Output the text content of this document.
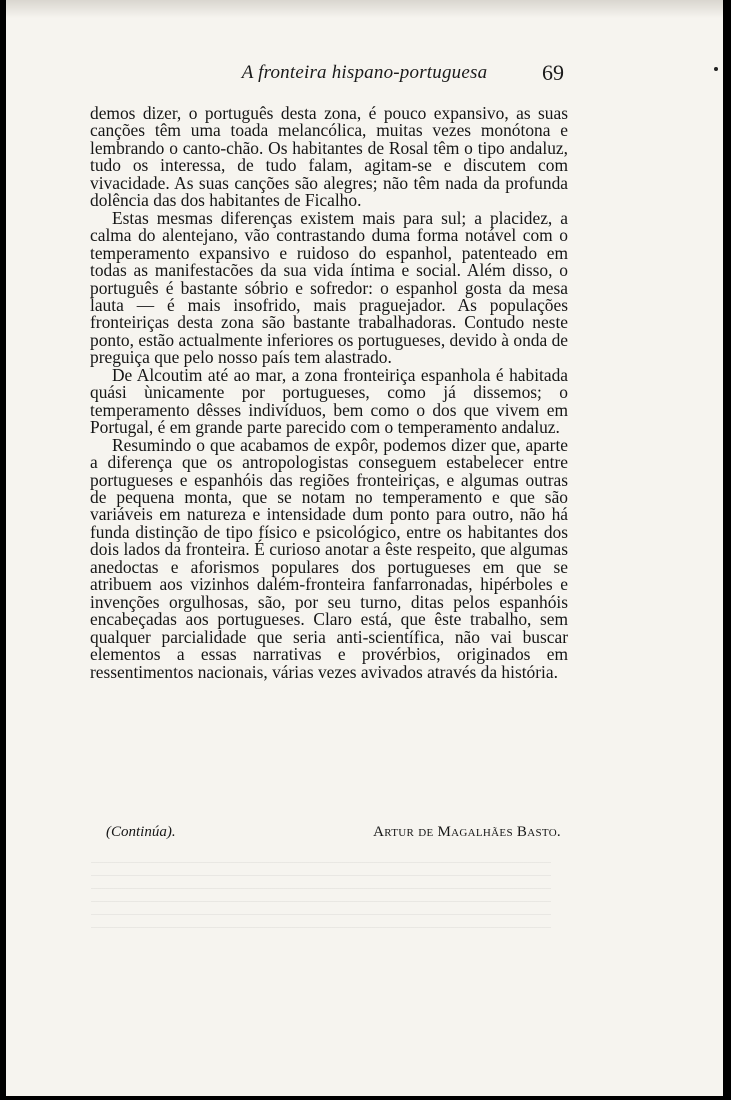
A fronteira hispano-portuguesa	69

demos dizer, o português desta zona, é pouco expansivo, as suas canções têm uma toada melancólica, muitas vezes monótona e lembrando o canto-chão. Os habitantes de Rosal têm o tipo andaluz, tudo os interessa, de tudo falam, agitam-se e discutem com vivacidade. As suas canções são alegres; não têm nada da profunda dolência das dos habitantes de Ficalho.

Estas mesmas diferenças existem mais para sul; a placidez, a calma do alentejano, vão contrastando duma forma notável com o temperamento expansivo e ruidoso do espanhol, patenteado em todas as manifestacões da sua vida íntima e social. Além disso, o português é bastante sóbrio e sofredor: o espanhol gosta da mesa lauta — é mais insofrido, mais praguejador. As populações fronteiriças desta zona são bastante trabalhadoras. Contudo neste ponto, estão actualmente inferiores os portugueses, devido à onda de preguiça que pelo nosso país tem alastrado.

De Alcoutim até ao mar, a zona fronteiriça espanhola é habitada quási ùnicamente por portugueses, como já dissemos; o temperamento dêsses indivíduos, bem como o dos que vivem em Portugal, é em grande parte parecido com o temperamento andaluz.

Resumindo o que acabamos de expôr, podemos dizer que, aparte a diferença que os antropologistas conseguem estabelecer entre portugueses e espanhóis das regiões fronteiriças, e algumas outras de pequena monta, que se notam no temperamento e que são variáveis em natureza e intensidade dum ponto para outro, não há funda distinção de tipo físico e psicológico, entre os habitantes dos dois lados da fronteira. É curioso anotar a êste respeito, que algumas anedoctas e aforismos populares dos portugueses em que se atribuem aos vizinhos dalém-fronteira fanfarronadas, hipérboles e invenções orgulhosas, são, por seu turno, ditas pelos espanhóis encabeçadas aos portugueses. Claro está, que êste trabalho, sem qualquer parcialidade que seria anti-scientífica, não vai buscar elementos a essas narrativas e provérbios, originados em ressentimentos nacionais, várias vezes avivados através da história.

(Continúa).	Artur de Magalhães Basto.
